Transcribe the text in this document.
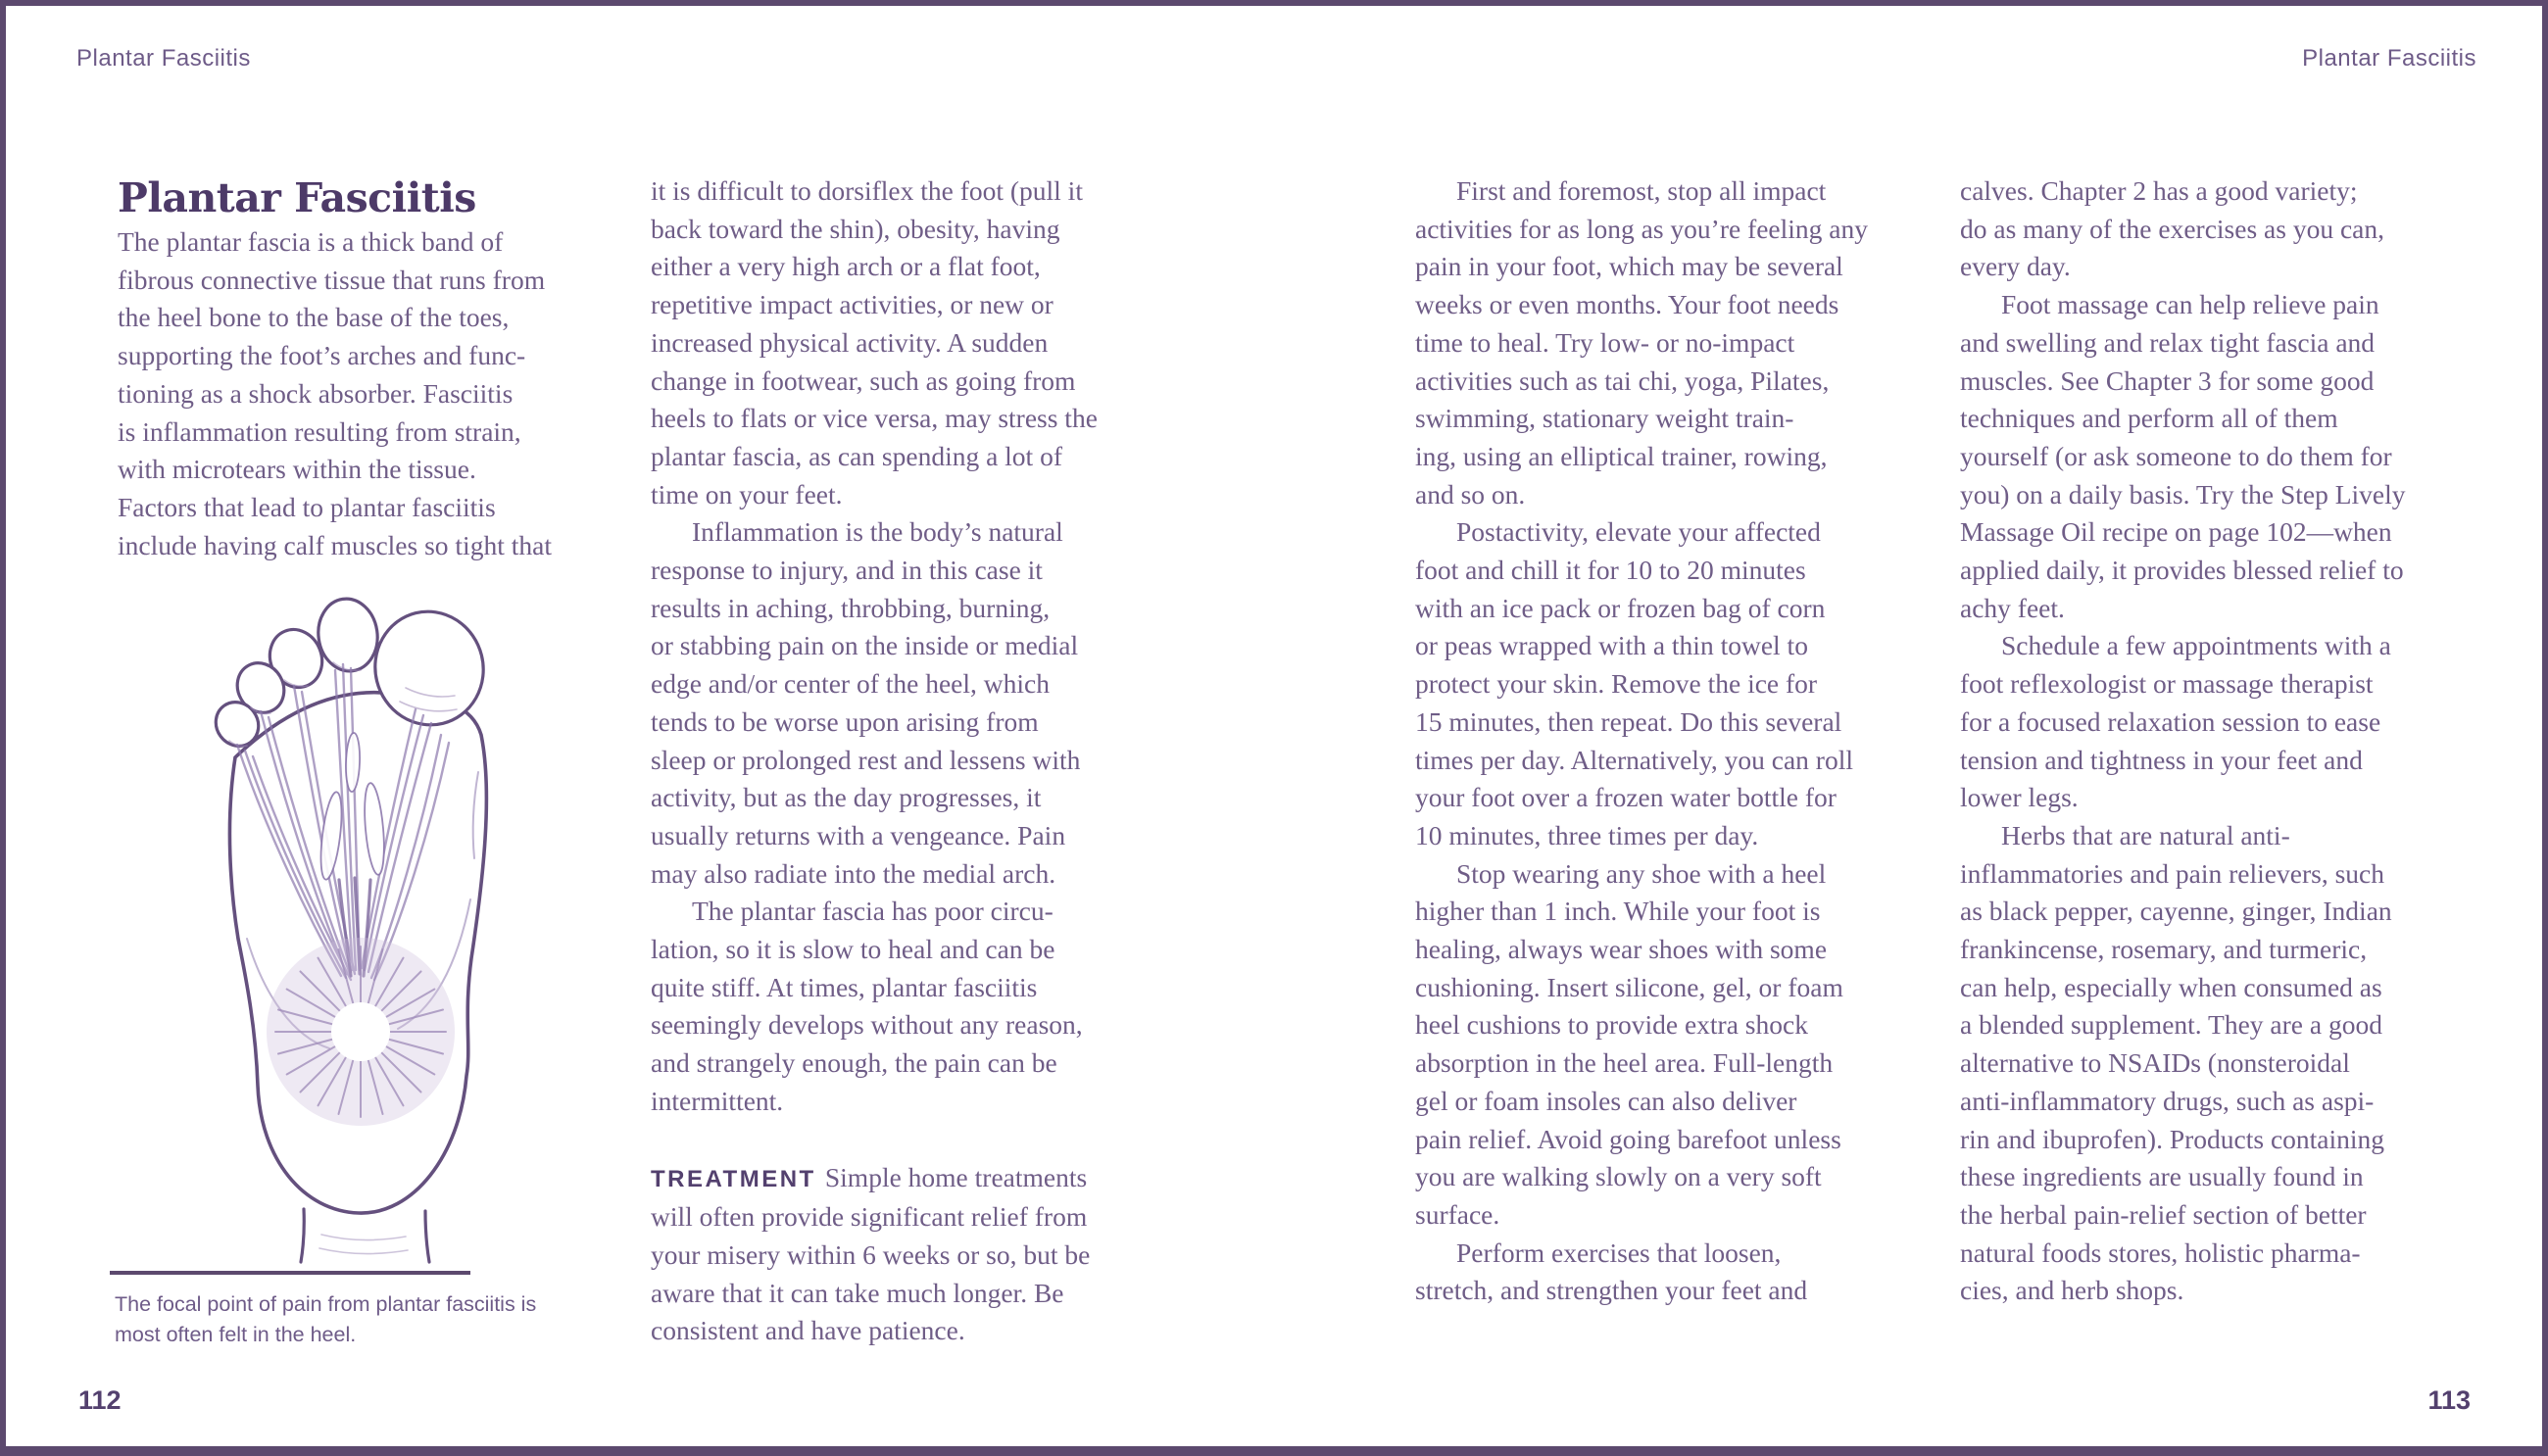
Plantar Fasciitis	Plantar Fasciitis
Plantar Fasciitis
The plantar fascia is a thick band of
fibrous connective tissue that runs from
the heel bone to the base of the toes,
supporting the foot’s arches and func-
tioning as a shock absorber. Fasciitis
is inflammation resulting from strain,
with microtears within the tissue.
Factors that lead to plantar fasciitis
include having calf muscles so tight that
it is difficult to dorsiflex the foot (pull it
back toward the shin), obesity, having
either a very high arch or a flat foot,
repetitive impact activities, or new or
increased physical activity. A sudden
change in footwear, such as going from
heels to flats or vice versa, may stress the
plantar fascia, as can spending a lot of
time on your feet.
Inflammation is the body’s natural
response to injury, and in this case it
results in aching, throbbing, burning,
or stabbing pain on the inside or medial
edge and/or center of the heel, which
tends to be worse upon arising from
sleep or prolonged rest and lessens with
activity, but as the day progresses, it
usually returns with a vengeance. Pain
may also radiate into the medial arch.
The plantar fascia has poor circu-
lation, so it is slow to heal and can be
quite stiff. At times, plantar fasciitis
seemingly develops without any reason,
and strangely enough, the pain can be
intermittent.
TREATMENT Simple home treatments
will often provide significant relief from
your misery within 6 weeks or so, but be
aware that it can take much longer. Be
consistent and have patience.
First and foremost, stop all impact
activities for as long as you’re feeling any
pain in your foot, which may be several
weeks or even months. Your foot needs
time to heal. Try low- or no-impact
activities such as tai chi, yoga, Pilates,
swimming, stationary weight train-
ing, using an elliptical trainer, rowing,
and so on.
Postactivity, elevate your affected
foot and chill it for 10 to 20 minutes
with an ice pack or frozen bag of corn
or peas wrapped with a thin towel to
protect your skin. Remove the ice for
15 minutes, then repeat. Do this several
times per day. Alternatively, you can roll
your foot over a frozen water bottle for
10 minutes, three times per day.
Stop wearing any shoe with a heel
higher than 1 inch. While your foot is
healing, always wear shoes with some
cushioning. Insert silicone, gel, or foam
heel cushions to provide extra shock
absorption in the heel area. Full-length
gel or foam insoles can also deliver
pain relief. Avoid going barefoot unless
you are walking slowly on a very soft
surface.
Perform exercises that loosen,
stretch, and strengthen your feet and
calves. Chapter 2 has a good variety;
do as many of the exercises as you can,
every day.
Foot massage can help relieve pain
and swelling and relax tight fascia and
muscles. See Chapter 3 for some good
techniques and perform all of them
yourself (or ask someone to do them for
you) on a daily basis. Try the Step Lively
Massage Oil recipe on page 102—when
applied daily, it provides blessed relief to
achy feet.
Schedule a few appointments with a
foot reflexologist or massage therapist
for a focused relaxation session to ease
tension and tightness in your feet and
lower legs.
Herbs that are natural anti-
inflammatories and pain relievers, such
as black pepper, cayenne, ginger, Indian
frankincense, rosemary, and turmeric,
can help, especially when consumed as
a blended supplement. They are a good
alternative to NSAIDs (nonsteroidal
anti-inflammatory drugs, such as aspi-
rin and ibuprofen). Products containing
these ingredients are usually found in
the herbal pain-relief section of better
natural foods stores, holistic pharma-
cies, and herb shops.
The focal point of pain from plantar fasciitis is
most often felt in the heel.
112	113
